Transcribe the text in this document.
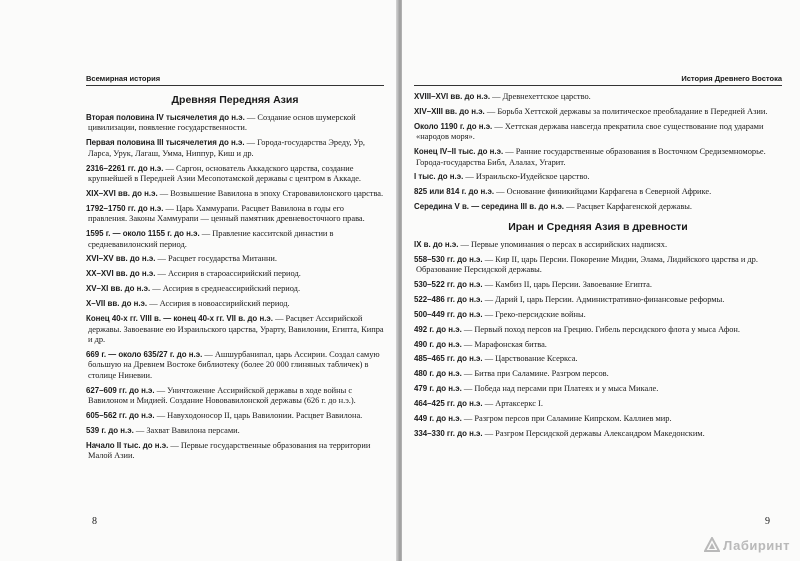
Всемирная история
Древняя Передняя Азия
Вторая половина IV тысячелетия до н.э. — Создание основ шумерской цивилизации, появление государственности.
Первая половина III тысячелетия до н.э. — Города-государства Эреду, Ур, Ларса, Урук, Лагаш, Умма, Ниппур, Киш и др.
2316–2261 гг. до н.э. — Саргон, основатель Аккадского царства, создание крупнейшей в Передней Азии Месопотамской державы с центром в Аккаде.
XIX–XVI вв. до н.э. — Возвышение Вавилона в эпоху Старовавилонского царства.
1792–1750 гг. до н.э. — Царь Хаммурапи. Расцвет Вавилона в годы его правления. Законы Хаммурапи — ценный памятник древневосточного права.
1595 г. — около 1155 г. до н.э. — Правление касситской династии в средневавилонский период.
XVI–XV вв. до н.э. — Расцвет государства Митанни.
XX–XVI вв. до н.э. — Ассирия в староассирийский период.
XV–XI вв. до н.э. — Ассирия в среднеассирийский период.
X–VII вв. до н.э. — Ассирия в новоассирийский период.
Конец 40-х гг. VIII в. — конец 40-х гг. VII в. до н.э. — Расцвет Ассирийской державы. Завоевание ею Израильского царства, Урарту, Вавилонии, Египта, Кипра и др.
669 г. — около 635/27 г. до н.э. — Ашшурбанипал, царь Ассирии. Создал самую большую на Древнем Востоке библиотеку (более 20 000 глиняных табличек) в столице Ниневии.
627–609 гг. до н.э. — Уничтожение Ассирийской державы в ходе войны с Вавилоном и Мидией. Создание Нововавилонской державы (626 г. до н.э.).
605–562 гг. до н.э. — Навуходоносор II, царь Вавилонии. Расцвет Вавилона.
539 г. до н.э. — Захват Вавилона персами.
Начало II тыс. до н.э. — Первые государственные образования на территории Малой Азии.
8
История Древнего Востока
XVIII–XVI вв. до н.э. — Древнехеттское царство.
XIV–XIII вв. до н.э. — Борьба Хеттской державы за политическое преобладание в Передней Азии.
Около 1190 г. до н.э. — Хеттская держава навсегда прекратила свое существование под ударами «народов моря».
Конец IV–II тыс. до н.э. — Ранние государственные образования в Восточном Средиземноморье. Города-государства Библ, Алалах, Угарит.
I тыс. до н.э. — Израильско-Иудейское царство.
825 или 814 г. до н.э. — Основание финикийцами Карфагена в Северной Африке.
Середина V в. — середина III в. до н.э. — Расцвет Карфагенской державы.
Иран и Средняя Азия в древности
IX в. до н.э. — Первые упоминания о персах в ассирийских надписях.
558–530 гг. до н.э. — Кир II, царь Персии. Покорение Мидии, Элама, Лидийского царства и др. Образование Персидской державы.
530–522 гг. до н.э. — Камбиз II, царь Персии. Завоевание Египта.
522–486 гг. до н.э. — Дарий I, царь Персии. Административно-финансовые реформы.
500–449 гг. до н.э. — Греко-персидские войны.
492 г. до н.э. — Первый поход персов на Грецию. Гибель персидского флота у мыса Афон.
490 г. до н.э. — Марафонская битва.
485–465 гг. до н.э. — Царствование Ксеркса.
480 г. до н.э. — Битва при Саламине. Разгром персов.
479 г. до н.э. — Победа над персами при Платеях и у мыса Микале.
464–425 гг. до н.э. — Артаксеркс I.
449 г. до н.э. — Разгром персов при Саламине Кипрском. Каллиев мир.
334–330 гг. до н.э. — Разгром Персидской державы Александром Македонским.
9
Лабиринт
